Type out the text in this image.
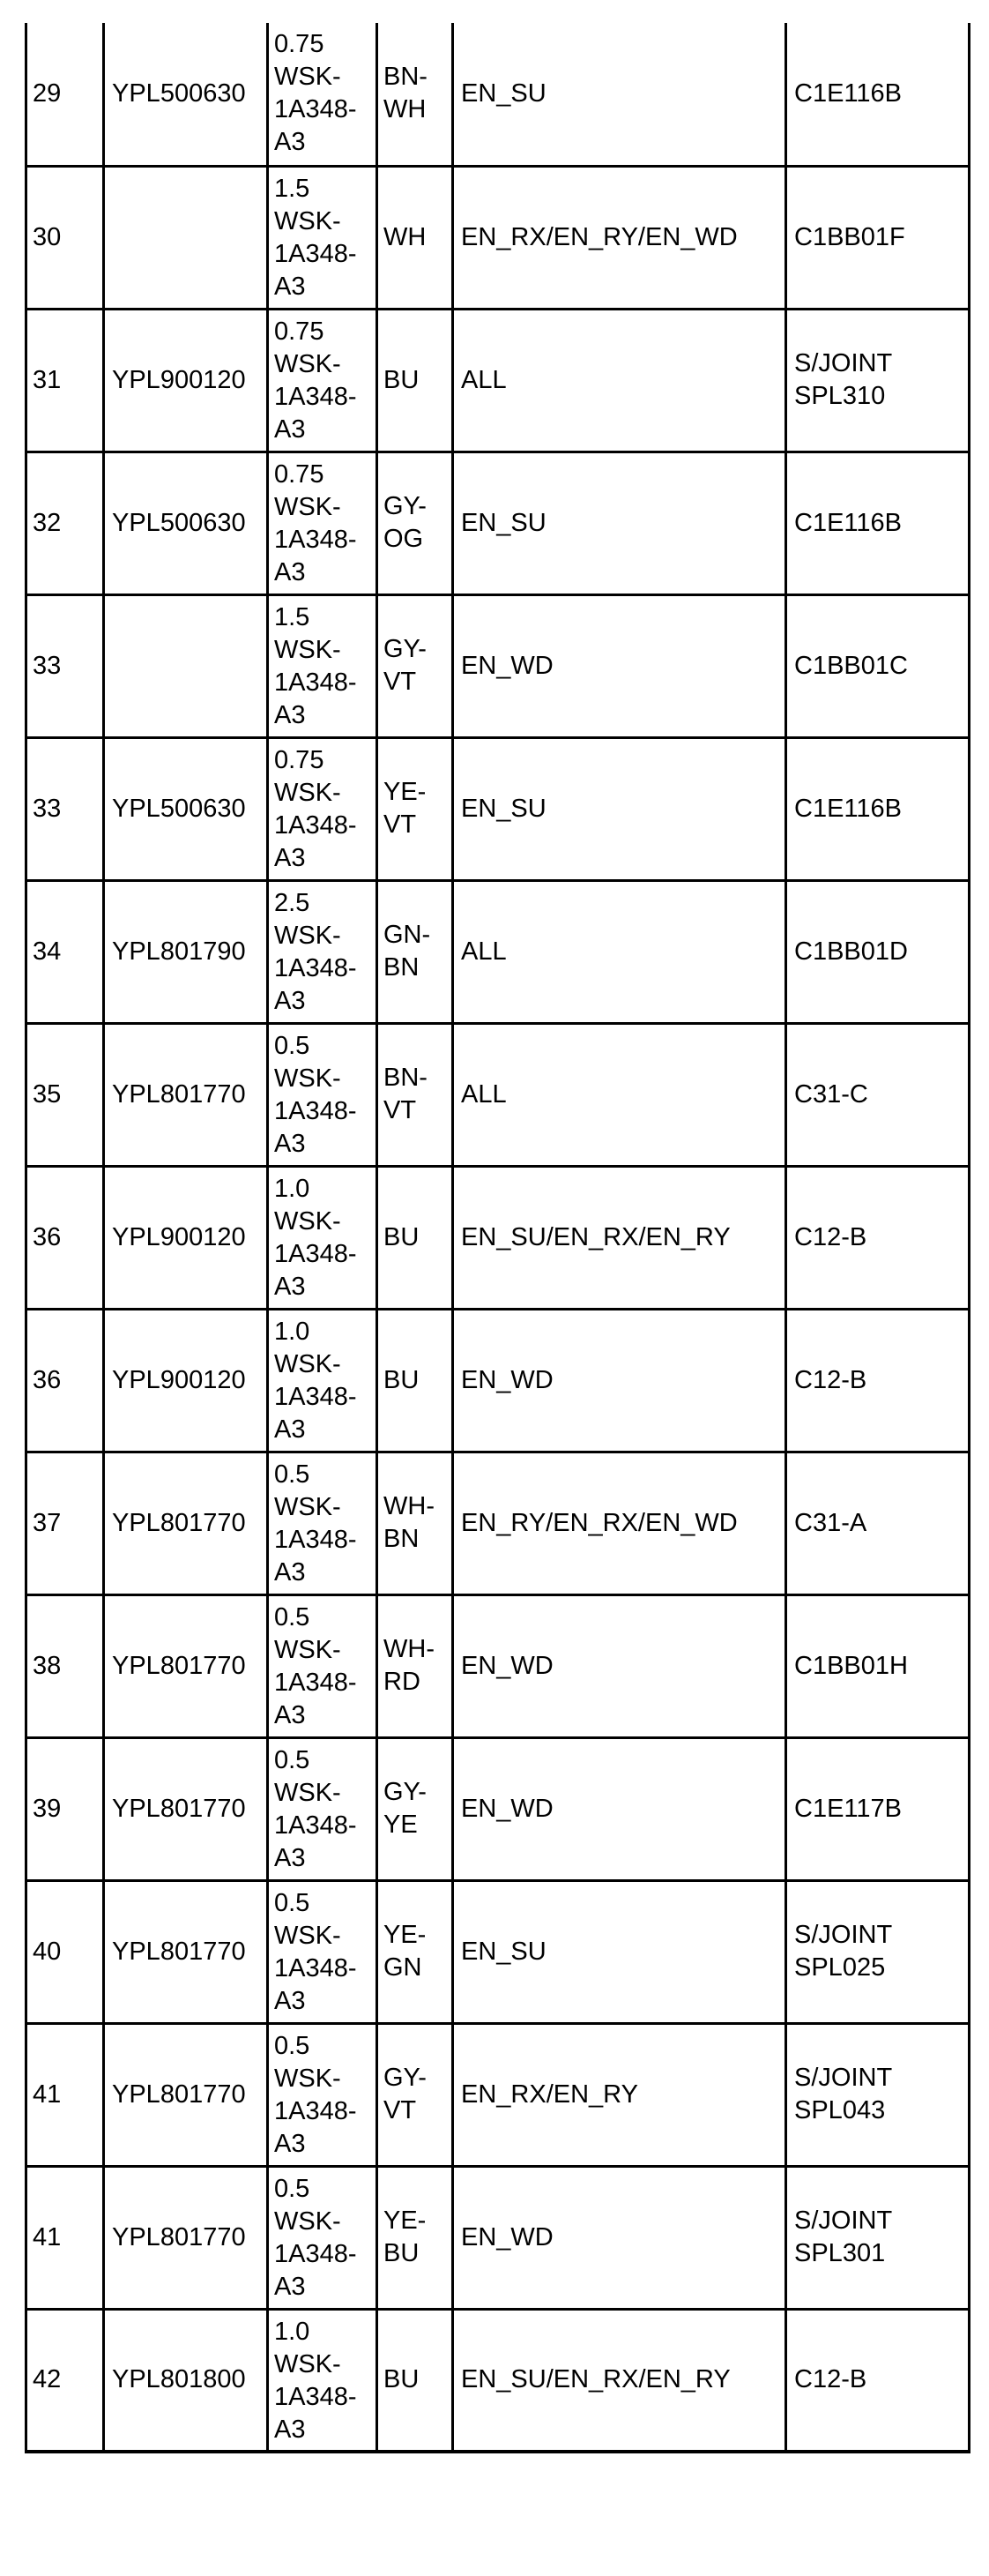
29	YPL500630	0.75
WSK-
1A348-
A3	BN-
WH	EN_SU	C1E116B
30		1.5
WSK-
1A348-
A3	WH	EN_RX/EN_RY/EN_WD	C1BB01F
31	YPL900120	0.75
WSK-
1A348-
A3	BU	ALL	S/JOINT
SPL310
32	YPL500630	0.75
WSK-
1A348-
A3	GY-
OG	EN_SU	C1E116B
33		1.5
WSK-
1A348-
A3	GY-
VT	EN_WD	C1BB01C
33	YPL500630	0.75
WSK-
1A348-
A3	YE-
VT	EN_SU	C1E116B
34	YPL801790	2.5
WSK-
1A348-
A3	GN-
BN	ALL	C1BB01D
35	YPL801770	0.5
WSK-
1A348-
A3	BN-
VT	ALL	C31-C
36	YPL900120	1.0
WSK-
1A348-
A3	BU	EN_SU/EN_RX/EN_RY	C12-B
36	YPL900120	1.0
WSK-
1A348-
A3	BU	EN_WD	C12-B
37	YPL801770	0.5
WSK-
1A348-
A3	WH-
BN	EN_RY/EN_RX/EN_WD	C31-A
38	YPL801770	0.5
WSK-
1A348-
A3	WH-
RD	EN_WD	C1BB01H
39	YPL801770	0.5
WSK-
1A348-
A3	GY-
YE	EN_WD	C1E117B
40	YPL801770	0.5
WSK-
1A348-
A3	YE-
GN	EN_SU	S/JOINT
SPL025
41	YPL801770	0.5
WSK-
1A348-
A3	GY-
VT	EN_RX/EN_RY	S/JOINT
SPL043
41	YPL801770	0.5
WSK-
1A348-
A3	YE-
BU	EN_WD	S/JOINT
SPL301
42	YPL801800	1.0
WSK-
1A348-
A3	BU	EN_SU/EN_RX/EN_RY	C12-B
